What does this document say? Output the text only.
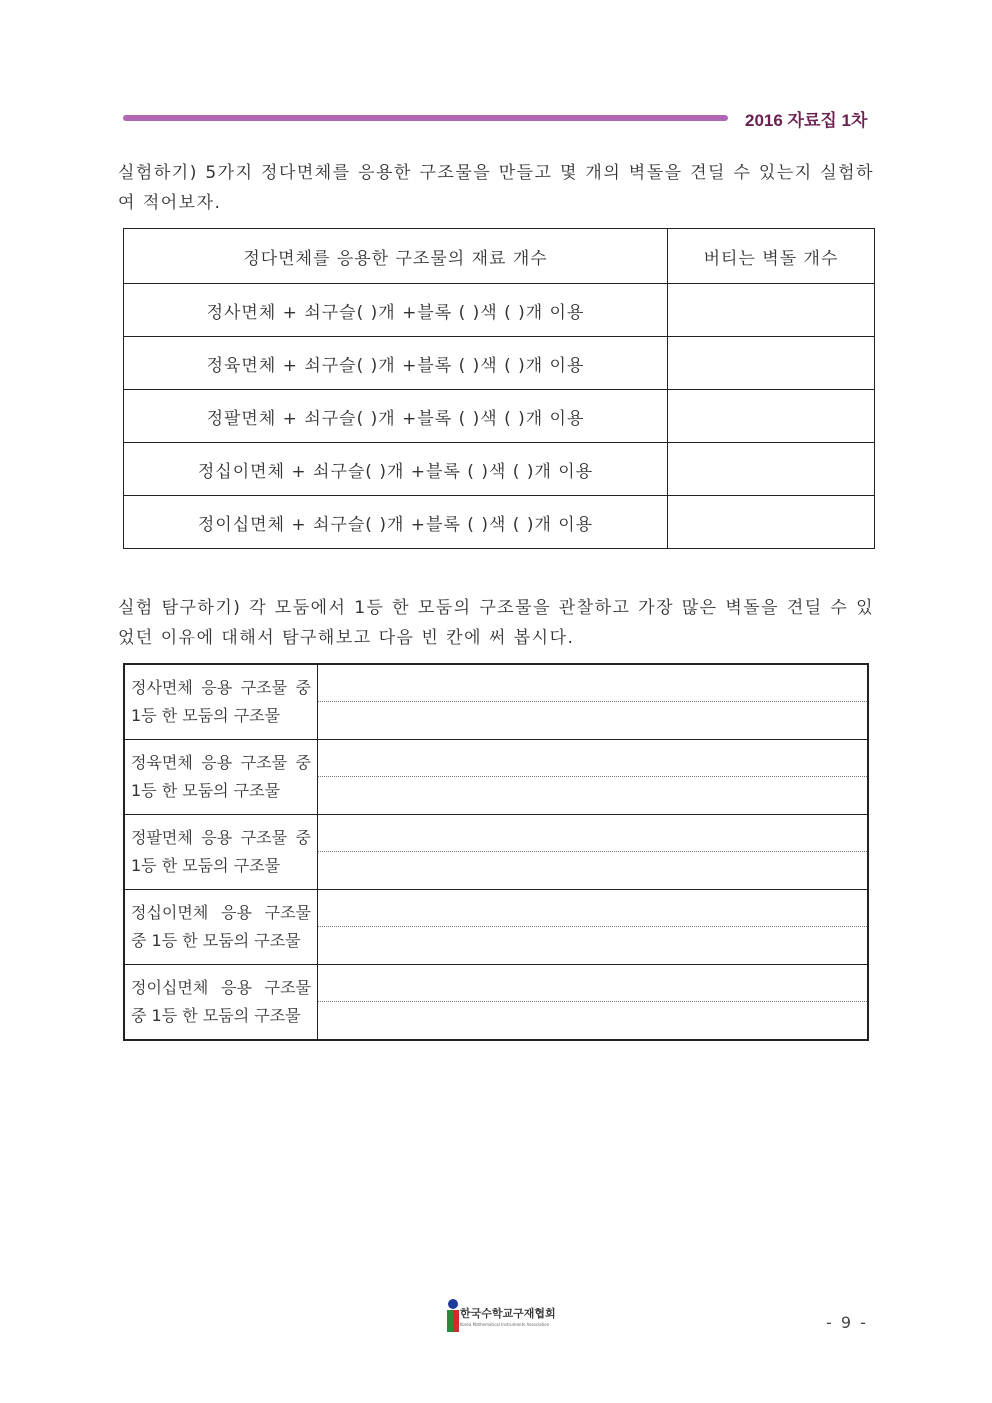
2016 자료집 1차
실험하기) 5가지 정다면체를 응용한 구조물을 만들고 몇 개의 벽돌을 견딜 수 있는지 실험하여 적어보자.
정다면체를 응용한 구조물의 재료 개수	버티는 벽돌 개수
정사면체 + 쇠구슬( )개 +블록 ( )색 ( )개 이용	
정육면체 + 쇠구슬( )개 +블록 ( )색 ( )개 이용	
정팔면체 + 쇠구슬( )개 +블록 ( )색 ( )개 이용	
정십이면체 + 쇠구슬( )개 +블록 ( )색 ( )개 이용	
정이십면체 + 쇠구슬( )개 +블록 ( )색 ( )개 이용	
실험 탐구하기) 각 모둠에서 1등 한 모둠의 구조물을 관찰하고 가장 많은 벽돌을 견딜 수 있었던 이유에 대해서 탐구해보고 다음 빈 칸에 써 봅시다.
정사면체 응용 구조물 중 1등 한 모둠의 구조물	

정육면체 응용 구조물 중 1등 한 모둠의 구조물	

정팔면체 응용 구조물 중 1등 한 모둠의 구조물	

정십이면체 응용 구조물 중 1등 한 모둠의 구조물	

정이십면체 응용 구조물 중 1등 한 모둠의 구조물	
한국수학교구재협회
Korea Mathematical Instruments Association	- 9 -
